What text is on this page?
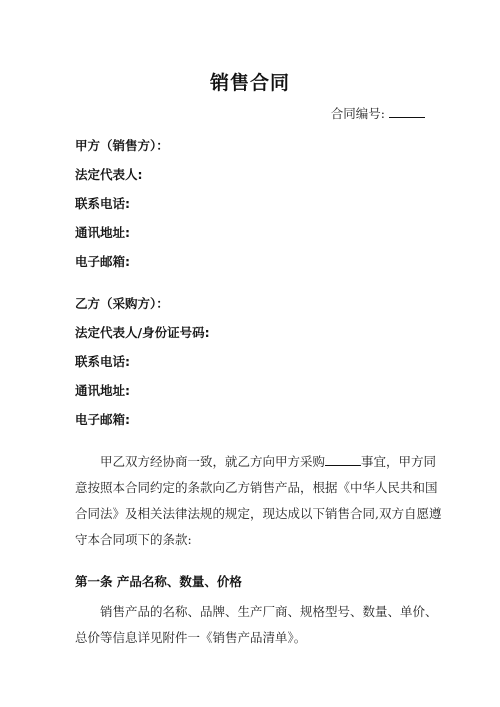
销售合同
合同编号:
甲方（销售方）：
法定代表人:
联系电话:
通讯地址:
电子邮箱:
乙方（采购方）：
法定代表人/身份证号码:
联系电话:
通讯地址:
电子邮箱:
甲乙双方经协商一致，就乙方向甲方采购	事宜，甲方同
意按照本合同约定的条款向乙方销售产品，根据《中华人民共和国
合同法》及相关法律法规的规定，现达成以下销售合同,双方自愿遵
守本合同项下的条款:
第一条 产品名称、数量、价格
销售产品的名称、品牌、生产厂商、规格型号、数量、单价、
总价等信息详见附件一《销售产品清单》。
